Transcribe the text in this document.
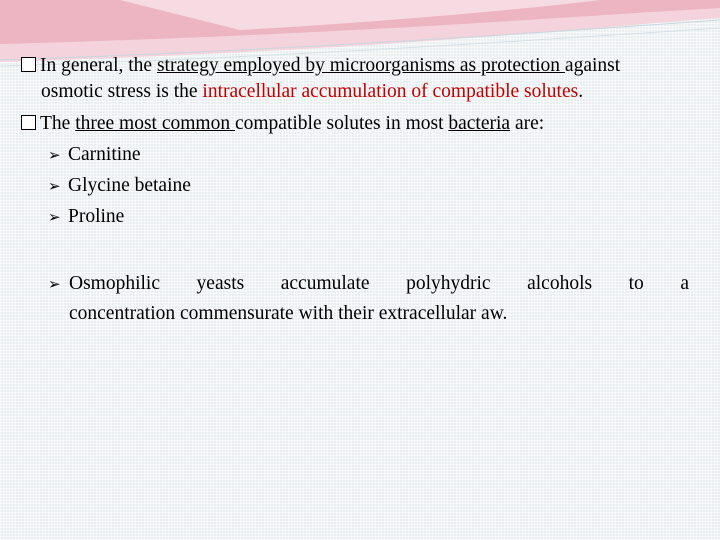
In general, the strategy employed by microorganisms as protection against
osmotic stress is the intracellular accumulation of compatible solutes.
The three most common compatible solutes in most bacteria are:
➢ Carnitine
➢ Glycine betaine
➢ Proline
➢ Osmophilic yeasts accumulate polyhydric alcohols to a
concentration commensurate with their extracellular aw.
